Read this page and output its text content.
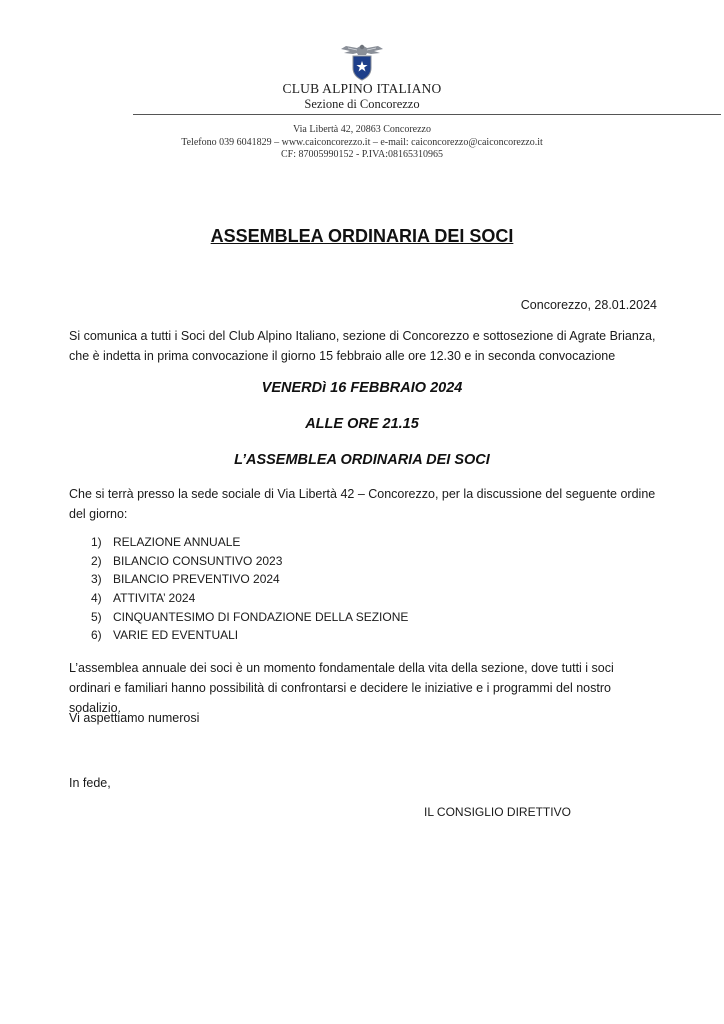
CLUB ALPINO ITALIANO
Sezione di Concorezzo
Via Libertà 42, 20863 Concorezzo
Telefono 039 6041829 – www.caiconcorezzo.it – e-mail: caiconcorezzo@caiconcorezzo.it
CF: 87005990152 - P.IVA:08165310965
ASSEMBLEA ORDINARIA DEI SOCI
Concorezzo, 28.01.2024

Si comunica a tutti i Soci del Club Alpino Italiano, sezione di Concorezzo e sottosezione di Agrate Brianza, che è indetta in prima convocazione il giorno 15 febbraio alle ore 12.30 e in seconda convocazione

VENERDì 16 FEBBRAIO 2024
ALLE ORE 21.15
L’ASSEMBLEA ORDINARIA DEI SOCI

Che si terrà presso la sede sociale di Via Libertà 42 – Concorezzo, per la discussione del seguente ordine del giorno:

1) RELAZIONE ANNUALE
2) BILANCIO CONSUNTIVO 2023
3) BILANCIO PREVENTIVO 2024
4) ATTIVITA’ 2024
5) CINQUANTESIMO DI FONDAZIONE DELLA SEZIONE
6) VARIE ED EVENTUALI

L’assemblea annuale dei soci è un momento fondamentale della vita della sezione, dove tutti i soci ordinari e familiari hanno possibilità di confrontarsi e decidere le iniziative e i programmi del nostro sodalizio.

Vi aspettiamo numerosi

In fede,

IL CONSIGLIO DIRETTIVO
